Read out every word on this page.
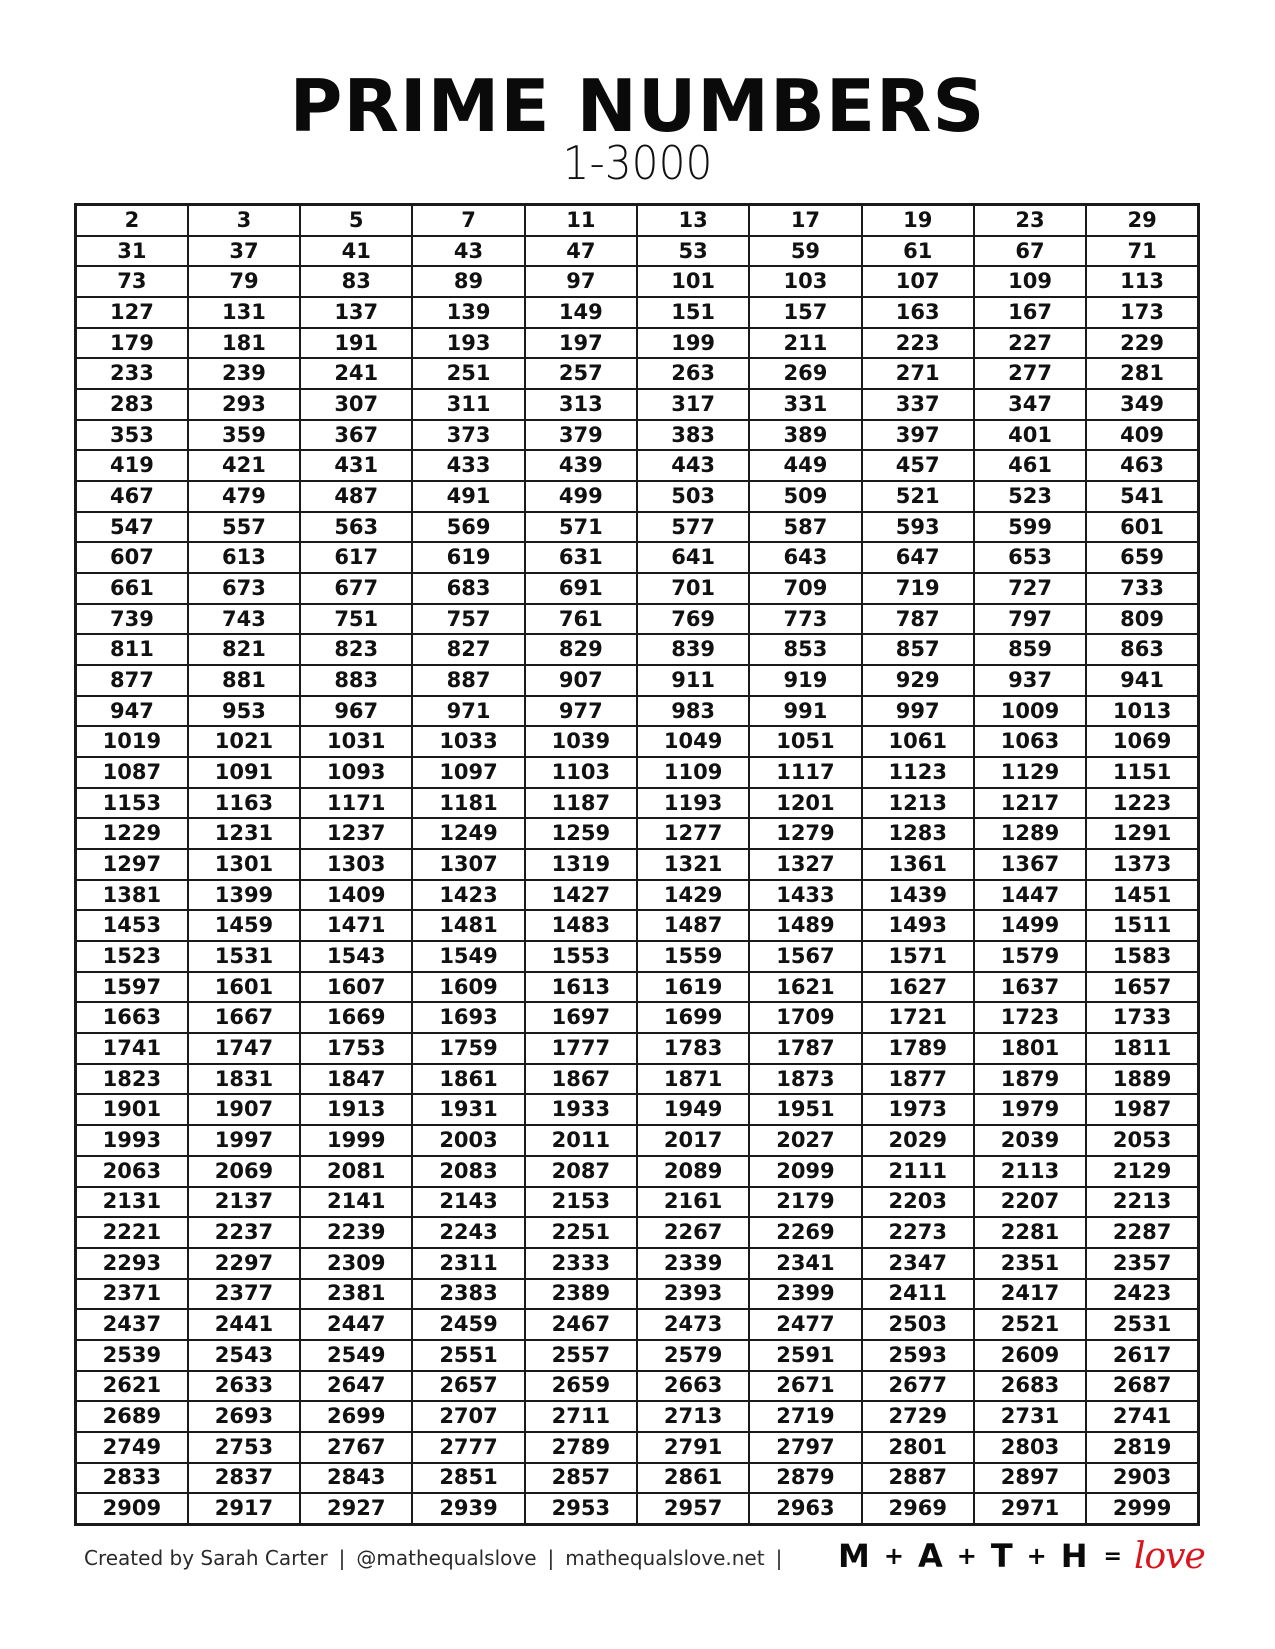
PRIME NUMBERS
1-3000
2	3	5	7	11	13	17	19	23	29
31	37	41	43	47	53	59	61	67	71
73	79	83	89	97	101	103	107	109	113
127	131	137	139	149	151	157	163	167	173
179	181	191	193	197	199	211	223	227	229
233	239	241	251	257	263	269	271	277	281
283	293	307	311	313	317	331	337	347	349
353	359	367	373	379	383	389	397	401	409
419	421	431	433	439	443	449	457	461	463
467	479	487	491	499	503	509	521	523	541
547	557	563	569	571	577	587	593	599	601
607	613	617	619	631	641	643	647	653	659
661	673	677	683	691	701	709	719	727	733
739	743	751	757	761	769	773	787	797	809
811	821	823	827	829	839	853	857	859	863
877	881	883	887	907	911	919	929	937	941
947	953	967	971	977	983	991	997	1009	1013
1019	1021	1031	1033	1039	1049	1051	1061	1063	1069
1087	1091	1093	1097	1103	1109	1117	1123	1129	1151
1153	1163	1171	1181	1187	1193	1201	1213	1217	1223
1229	1231	1237	1249	1259	1277	1279	1283	1289	1291
1297	1301	1303	1307	1319	1321	1327	1361	1367	1373
1381	1399	1409	1423	1427	1429	1433	1439	1447	1451
1453	1459	1471	1481	1483	1487	1489	1493	1499	1511
1523	1531	1543	1549	1553	1559	1567	1571	1579	1583
1597	1601	1607	1609	1613	1619	1621	1627	1637	1657
1663	1667	1669	1693	1697	1699	1709	1721	1723	1733
1741	1747	1753	1759	1777	1783	1787	1789	1801	1811
1823	1831	1847	1861	1867	1871	1873	1877	1879	1889
1901	1907	1913	1931	1933	1949	1951	1973	1979	1987
1993	1997	1999	2003	2011	2017	2027	2029	2039	2053
2063	2069	2081	2083	2087	2089	2099	2111	2113	2129
2131	2137	2141	2143	2153	2161	2179	2203	2207	2213
2221	2237	2239	2243	2251	2267	2269	2273	2281	2287
2293	2297	2309	2311	2333	2339	2341	2347	2351	2357
2371	2377	2381	2383	2389	2393	2399	2411	2417	2423
2437	2441	2447	2459	2467	2473	2477	2503	2521	2531
2539	2543	2549	2551	2557	2579	2591	2593	2609	2617
2621	2633	2647	2657	2659	2663	2671	2677	2683	2687
2689	2693	2699	2707	2711	2713	2719	2729	2731	2741
2749	2753	2767	2777	2789	2791	2797	2801	2803	2819
2833	2837	2843	2851	2857	2861	2879	2887	2897	2903
2909	2917	2927	2939	2953	2957	2963	2969	2971	2999
Created by Sarah Carter | @mathequalslove | mathequalslove.net | M + A + T + H = love
